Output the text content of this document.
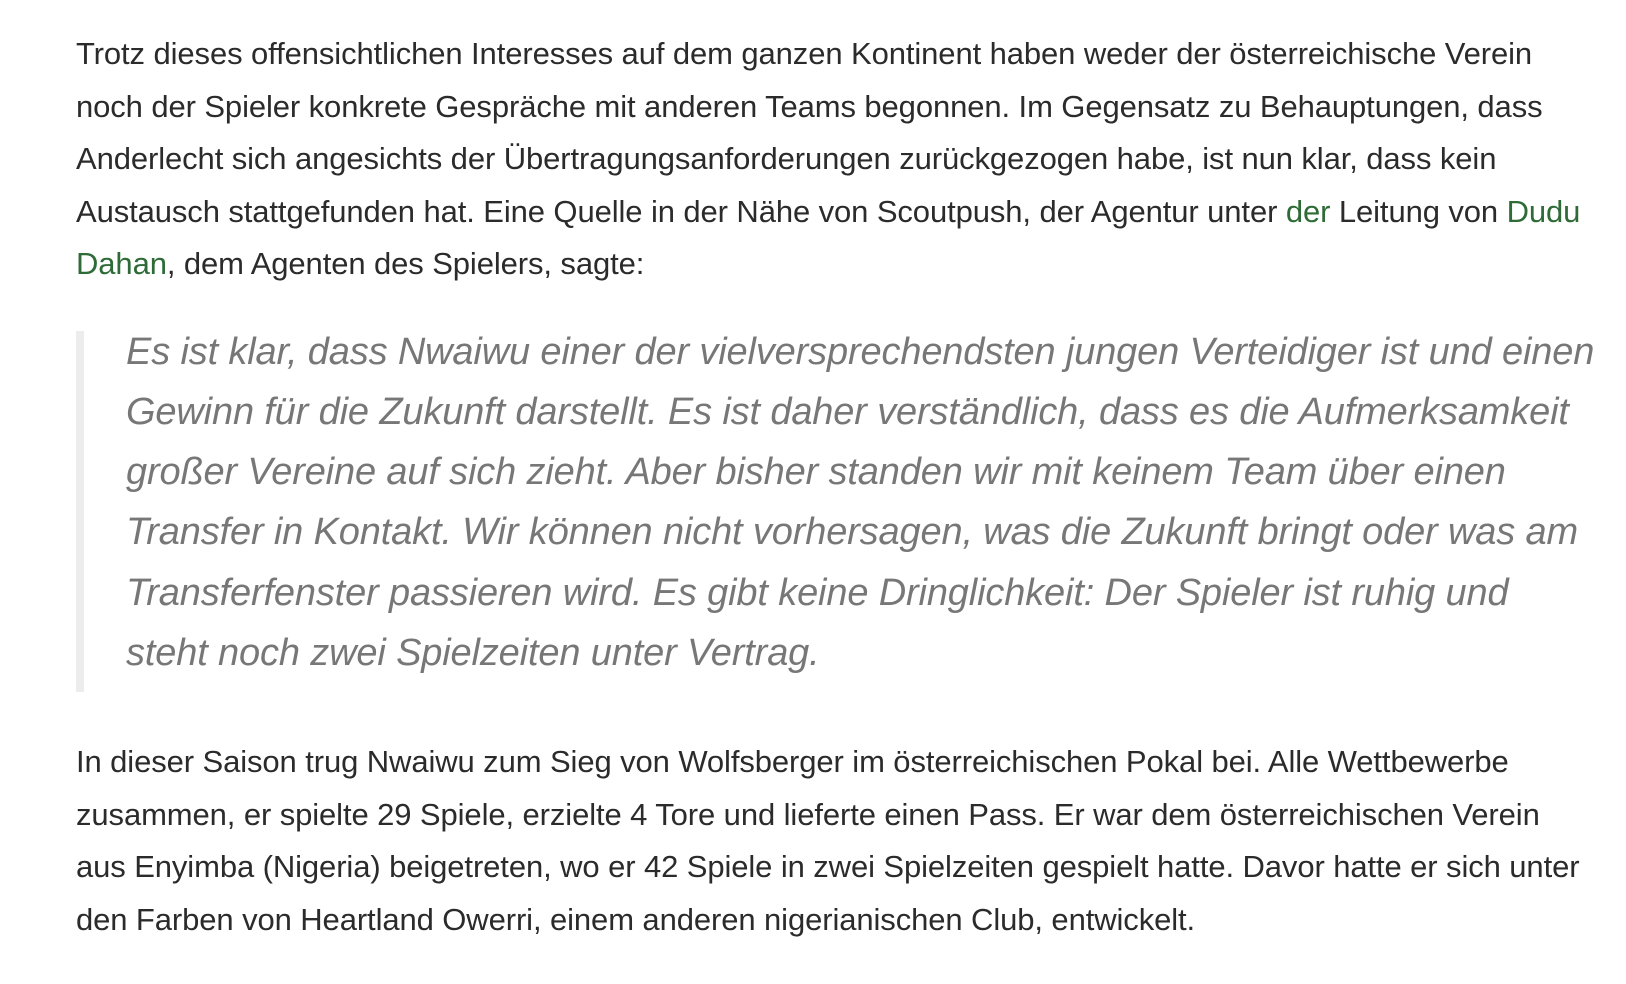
Trotz dieses offensichtlichen Interesses auf dem ganzen Kontinent haben weder der österreichische Verein noch der Spieler konkrete Gespräche mit anderen Teams begonnen. Im Gegensatz zu Behauptungen, dass Anderlecht sich angesichts der Übertragungsanforderungen zurückgezogen habe, ist nun klar, dass kein Austausch stattgefunden hat. Eine Quelle in der Nähe von Scoutpush, der Agentur unter der Leitung von Dudu Dahan, dem Agenten des Spielers, sagte:

Es ist klar, dass Nwaiwu einer der vielversprechendsten jungen Verteidiger ist und einen Gewinn für die Zukunft darstellt. Es ist daher verständlich, dass es die Aufmerksamkeit großer Vereine auf sich zieht. Aber bisher standen wir mit keinem Team über einen Transfer in Kontakt. Wir können nicht vorhersagen, was die Zukunft bringt oder was am Transferfenster passieren wird. Es gibt keine Dringlichkeit: Der Spieler ist ruhig und steht noch zwei Spielzeiten unter Vertrag.

In dieser Saison trug Nwaiwu zum Sieg von Wolfsberger im österreichischen Pokal bei. Alle Wettbewerbe zusammen, er spielte 29 Spiele, erzielte 4 Tore und lieferte einen Pass. Er war dem österreichischen Verein aus Enyimba (Nigeria) beigetreten, wo er 42 Spiele in zwei Spielzeiten gespielt hatte. Davor hatte er sich unter den Farben von Heartland Owerri, einem anderen nigerianischen Club, entwickelt.
